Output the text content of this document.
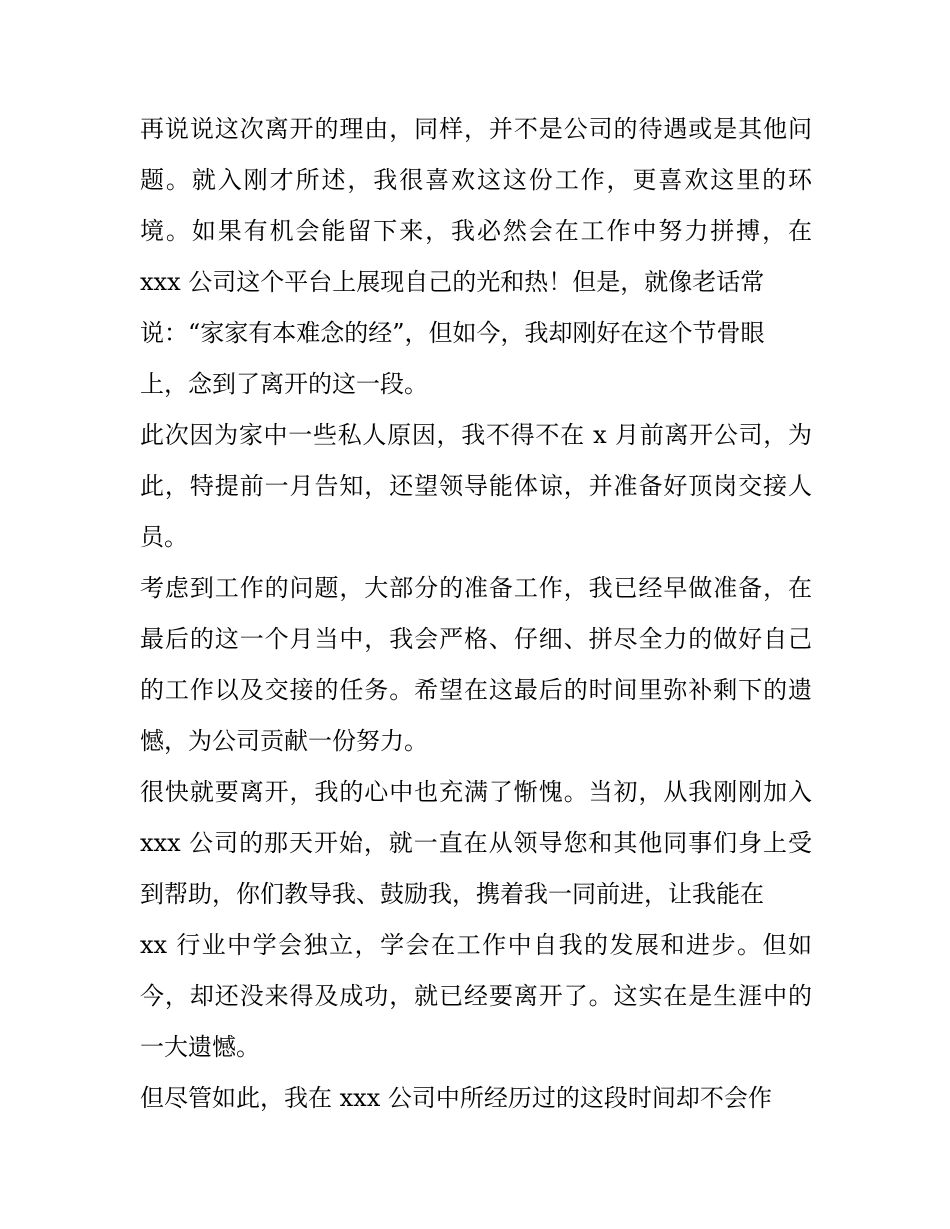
再说说这次离开的理由，同样，并不是公司的待遇或是其他问
题。就入刚才所述，我很喜欢这这份工作，更喜欢这里的环
境。如果有机会能留下来，我必然会在工作中努力拼搏，在
xxx 公司这个平台上展现自己的光和热！但是，就像老话常
说：“家家有本难念的经”，但如今，我却刚好在这个节骨眼
上，念到了离开的这一段。
此次因为家中一些私人原因，我不得不在 x 月前离开公司，为
此，特提前一月告知，还望领导能体谅，并准备好顶岗交接人
员。
考虑到工作的问题，大部分的准备工作，我已经早做准备，在
最后的这一个月当中，我会严格、仔细、拼尽全力的做好自己
的工作以及交接的任务。希望在这最后的时间里弥补剩下的遗
憾，为公司贡献一份努力。
很快就要离开，我的心中也充满了惭愧。当初，从我刚刚加入
xxx 公司的那天开始，就一直在从领导您和其他同事们身上受
到帮助，你们教导我、鼓励我，携着我一同前进，让我能在
xx 行业中学会独立，学会在工作中自我的发展和进步。但如
今，却还没来得及成功，就已经要离开了。这实在是生涯中的
一大遗憾。
但尽管如此，我在 xxx 公司中所经历过的这段时间却不会作
